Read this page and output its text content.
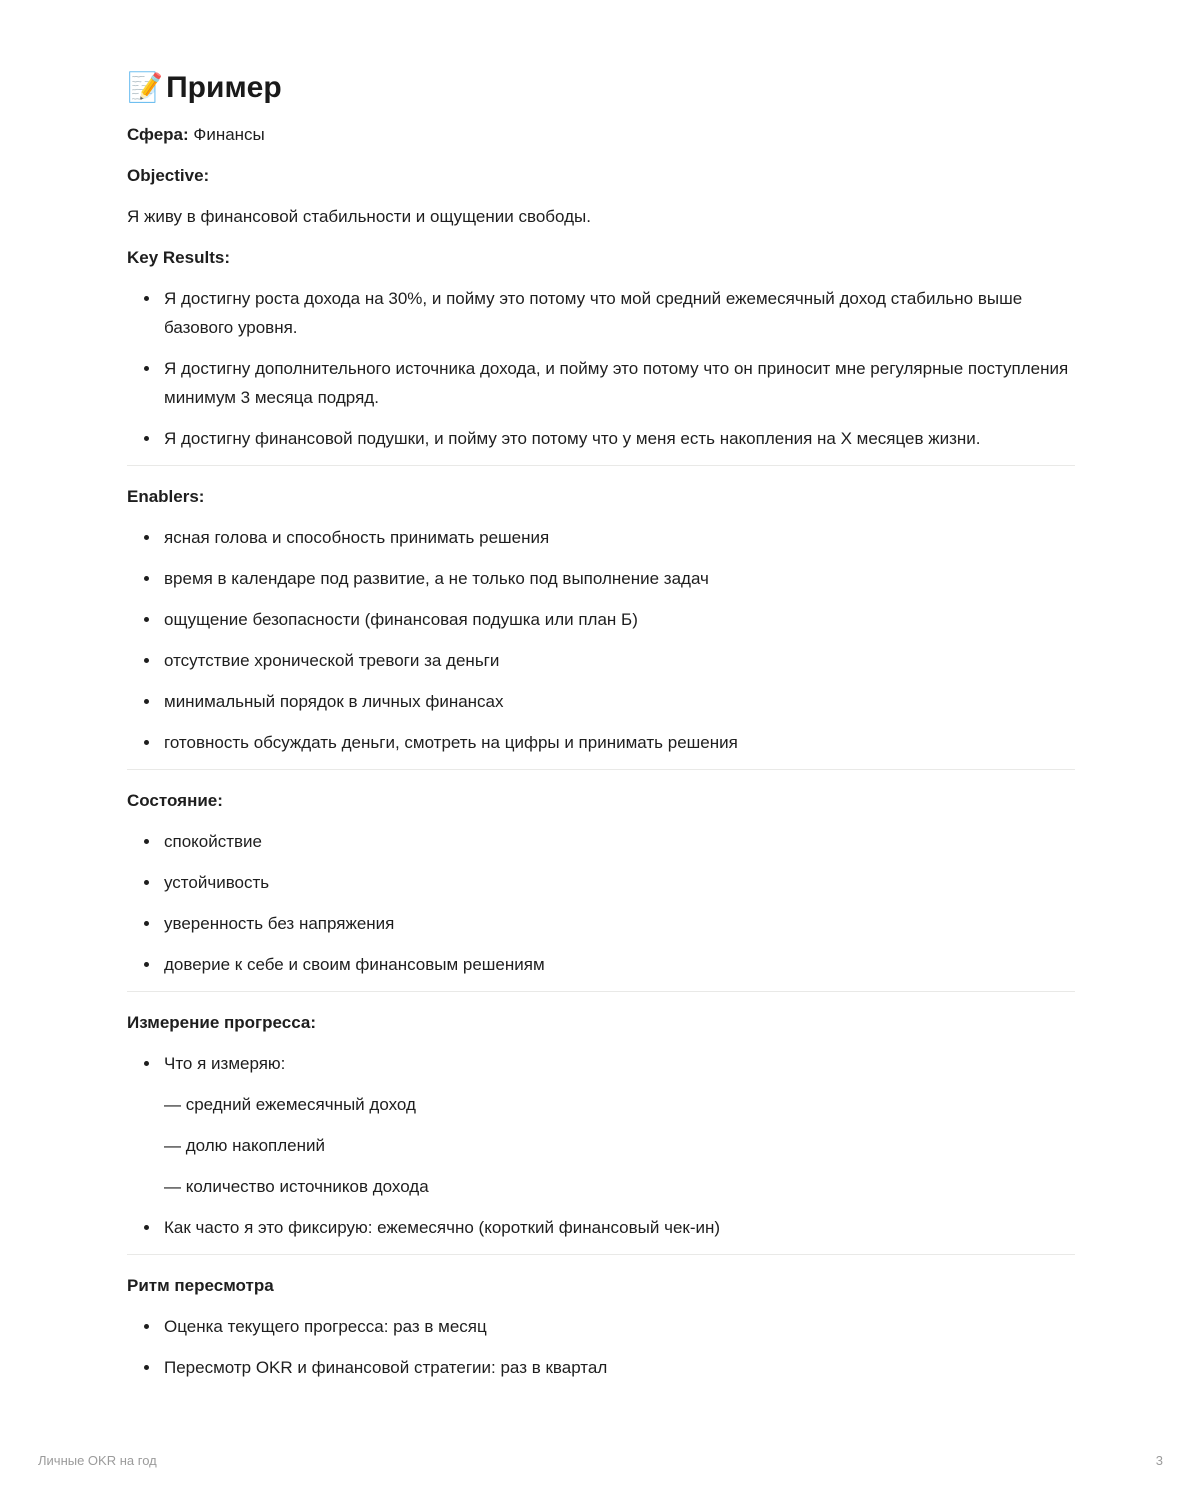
📝 Пример

Сфера: Финансы

Objective:

Я живу в финансовой стабильности и ощущении свободы.

Key Results:

Я достигну роста дохода на 30%, и пойму это потому что мой средний ежемесячный доход стабильно выше базового уровня.
Я достигну дополнительного источника дохода, и пойму это потому что он приносит мне регулярные поступления минимум 3 месяца подряд.
Я достигну финансовой подушки, и пойму это потому что у меня есть накопления на X месяцев жизни.

Enablers:

ясная голова и способность принимать решения
время в календаре под развитие, а не только под выполнение задач
ощущение безопасности (финансовая подушка или план Б)
отсутствие хронической тревоги за деньги
минимальный порядок в личных финансах
готовность обсуждать деньги, смотреть на цифры и принимать решения

Состояние:

спокойствие
устойчивость
уверенность без напряжения
доверие к себе и своим финансовым решениям

Измерение прогресса:

Что я измеряю:
— средний ежемесячный доход
— долю накоплений
— количество источников дохода
Как часто я это фиксирую: ежемесячно (короткий финансовый чек-ин)

Ритм пересмотра

Оценка текущего прогресса: раз в месяц
Пересмотр OKR и финансовой стратегии: раз в квартал
Личные OKR на год	3
